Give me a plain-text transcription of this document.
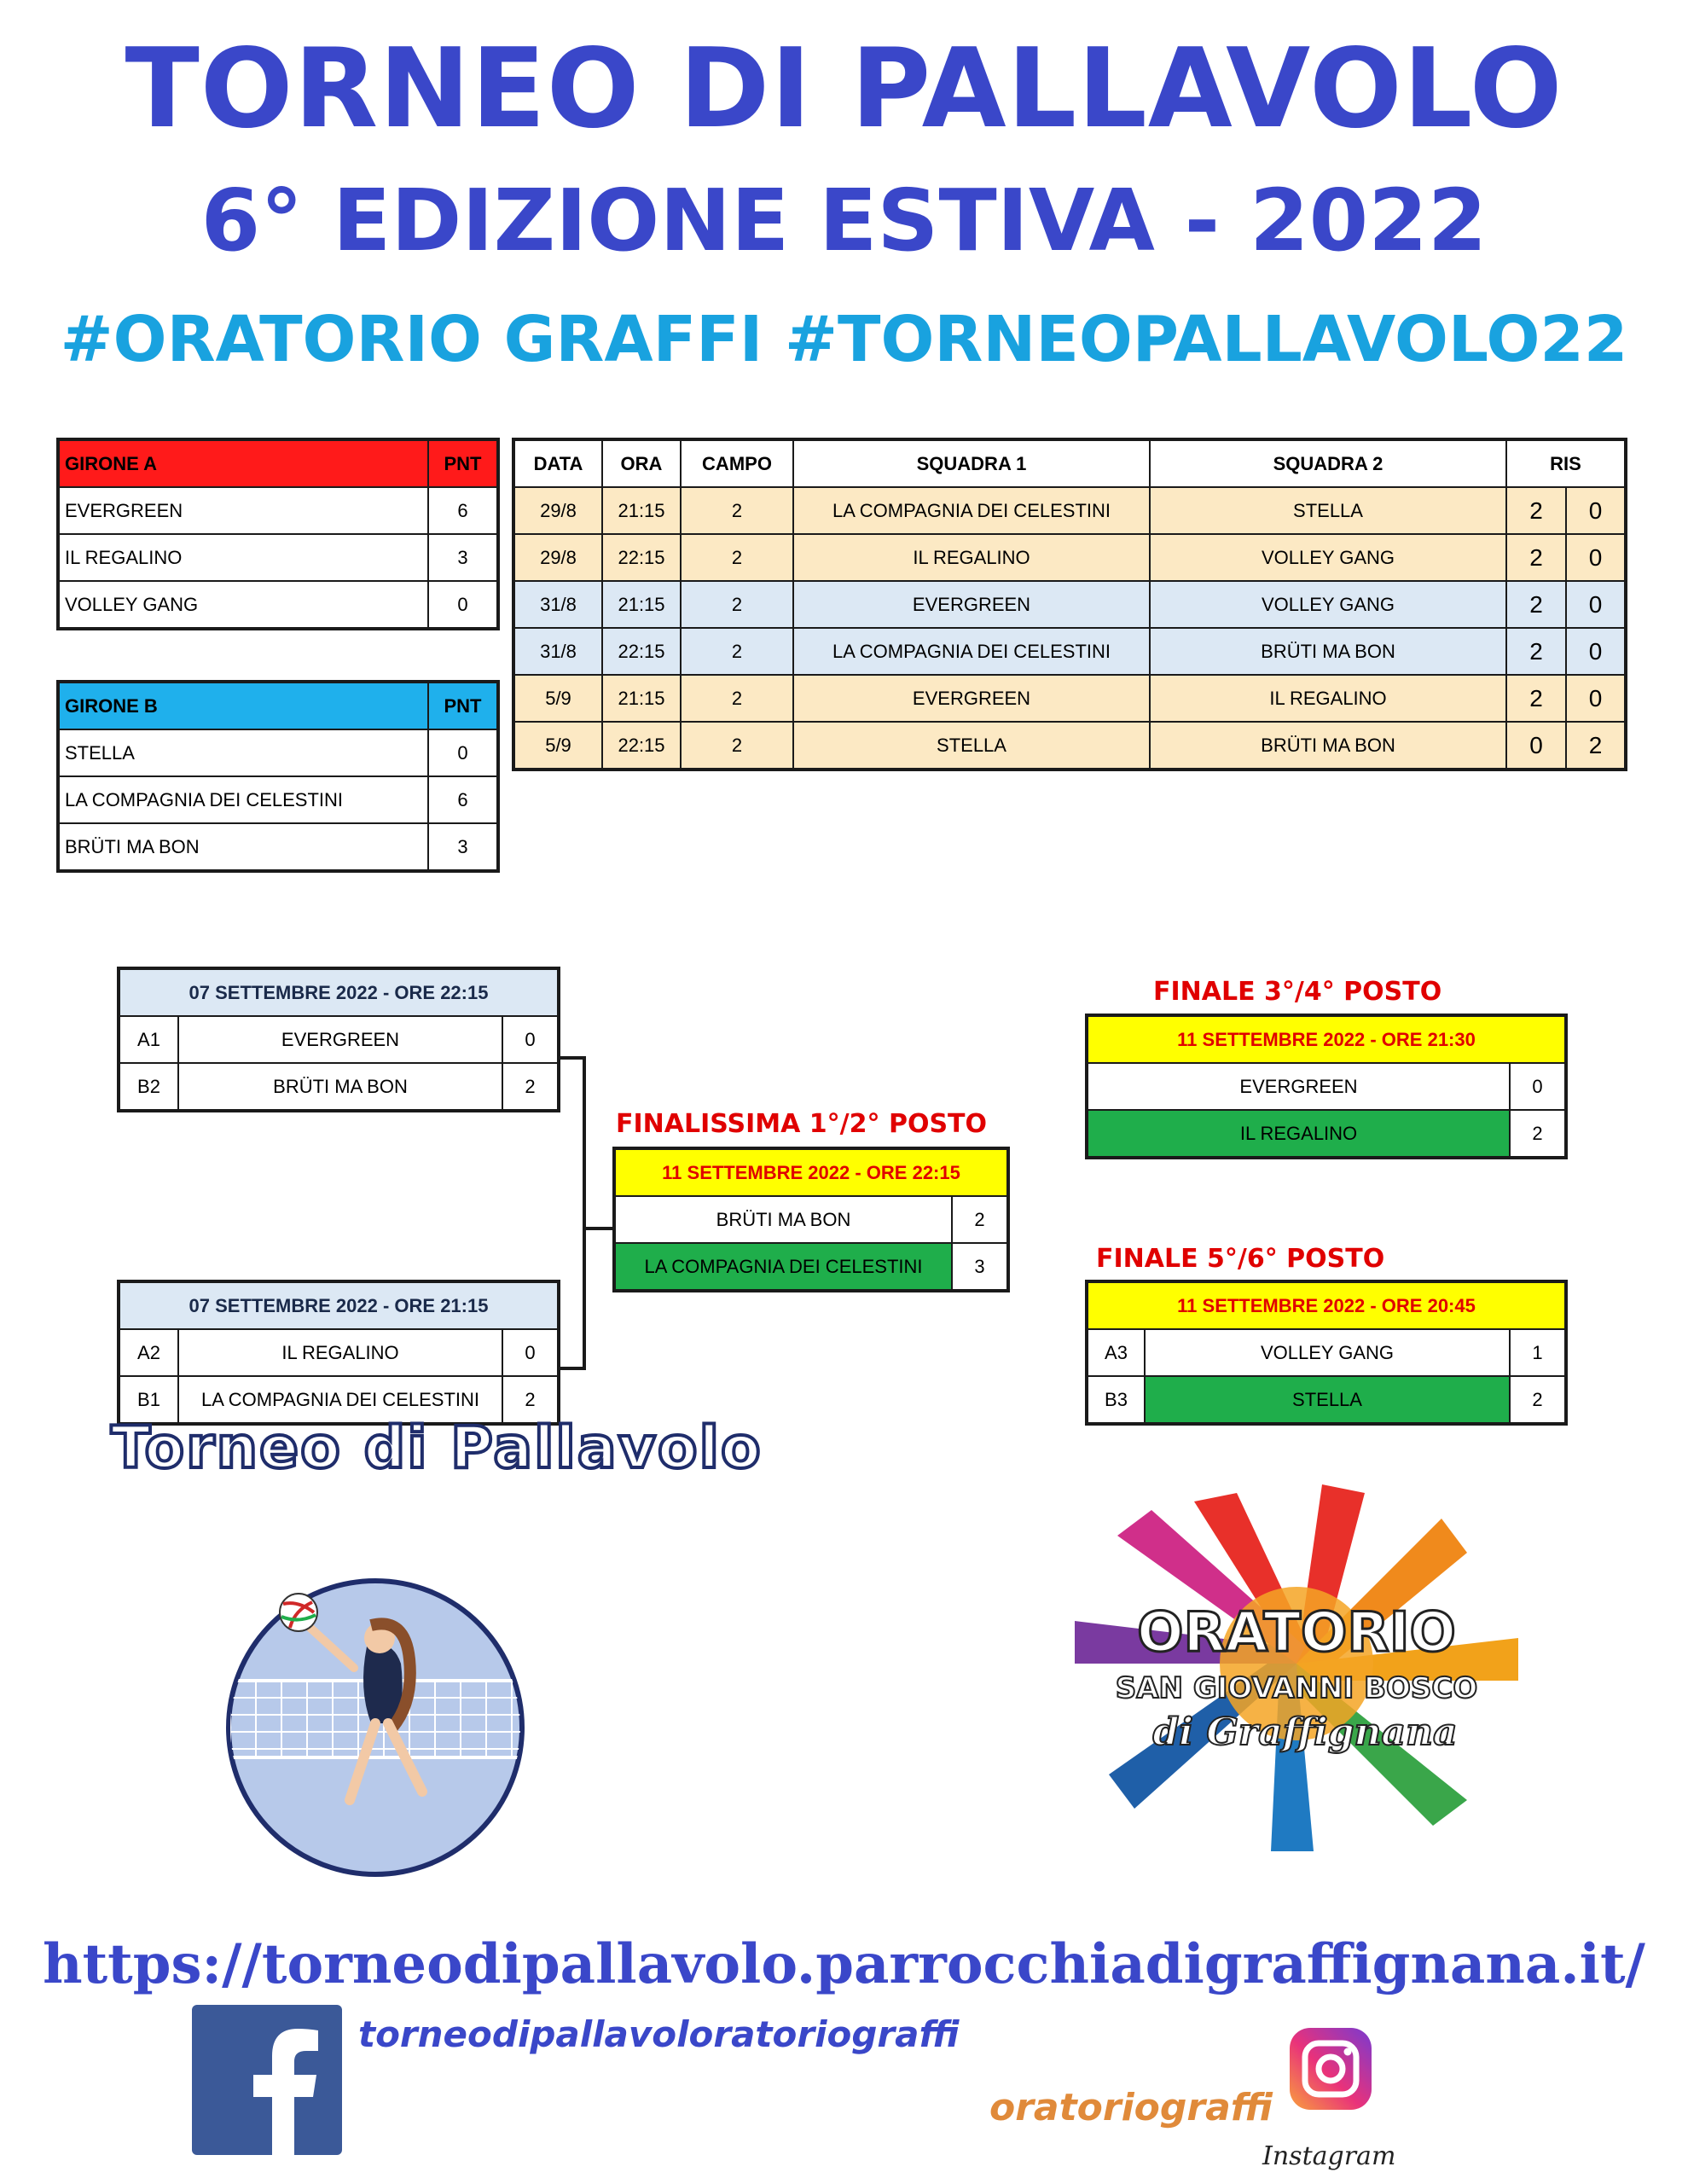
TORNEO DI PALLAVOLO
6° EDIZIONE ESTIVA - 2022
#ORATORIO GRAFFI #TORNEOPALLAVOLO22
GIRONE A	PNT
EVERGREEN	6
IL REGALINO	3
VOLLEY GANG	0
GIRONE B	PNT
STELLA	0
LA COMPAGNIA DEI CELESTINI	6
BRÜTI MA BON	3
DATA	ORA	CAMPO	SQUADRA 1	SQUADRA 2	RIS	
29/8	21:15	2	LA COMPAGNIA DEI CELESTINI	STELLA	2	0
29/8	22:15	2	IL REGALINO	VOLLEY GANG	2	0
31/8	21:15	2	EVERGREEN	VOLLEY GANG	2	0
31/8	22:15	2	LA COMPAGNIA DEI CELESTINI	BRÜTI MA BON	2	0
5/9	21:15	2	EVERGREEN	IL REGALINO	2	0
5/9	22:15	2	STELLA	BRÜTI MA BON	0	2
07 SETTEMBRE 2022 - ORE 22:15		
A1	EVERGREEN	0
B2	BRÜTI MA BON	2
07 SETTEMBRE 2022 - ORE 21:15		
A2	IL REGALINO	0
B1	LA COMPAGNIA DEI CELESTINI	2
FINALISSIMA 1°/2° POSTO
11 SETTEMBRE 2022 - ORE 22:15	
BRÜTI MA BON	2
LA COMPAGNIA DEI CELESTINI	3
FINALE 3°/4° POSTO
11 SETTEMBRE 2022 - ORE 21:30	
EVERGREEN	0
IL REGALINO	2
FINALE 5°/6° POSTO
11 SETTEMBRE 2022 - ORE 20:45		
A3	VOLLEY GANG	1
B3	STELLA	2
Torneo di Pallavolo
ORATORIO
SAN GIOVANNI BOSCO
di Graffignana
https://torneodipallavolo.parrocchiadigraffignana.it/
torneodipallavoloratoriograffi
oratoriograffi
Instagram
